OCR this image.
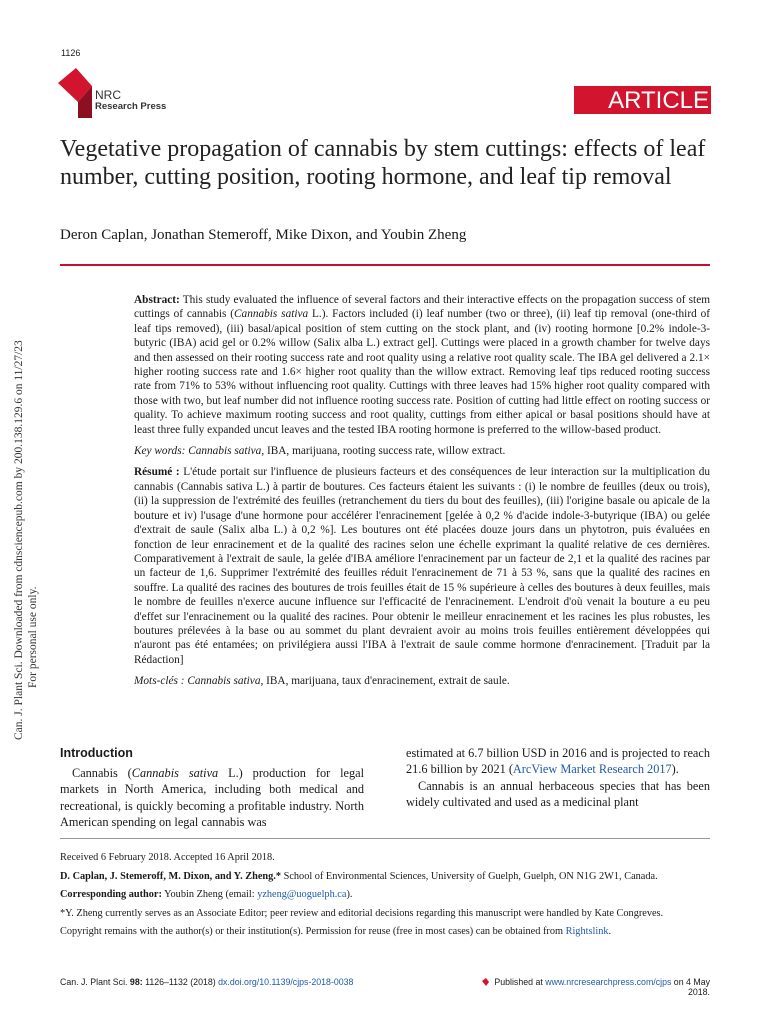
1126
NRC
Research Press	ARTICLE
Vegetative propagation of cannabis by stem cuttings: effects of leaf number, cutting position, rooting hormone, and leaf tip removal
Deron Caplan, Jonathan Stemeroff, Mike Dixon, and Youbin Zheng
Can. J. Plant Sci. Downloaded from cdnsciencepub.com by 200.138.129.6 on 11/27/23 For personal use only.

Abstract: This study evaluated the influence of several factors and their interactive effects on the propagation success of stem cuttings of cannabis (Cannabis sativa L.). Factors included (i) leaf number (two or three), (ii) leaf tip removal (one-third of leaf tips removed), (iii) basal/apical position of stem cutting on the stock plant, and (iv) rooting hormone [0.2% indole-3-butyric (IBA) acid gel or 0.2% willow (Salix alba L.) extract gel]. Cuttings were placed in a growth chamber for twelve days and then assessed on their rooting success rate and root quality using a relative root quality scale. The IBA gel delivered a 2.1× higher rooting success rate and 1.6× higher root quality than the willow extract. Removing leaf tips reduced rooting success rate from 71% to 53% without influencing root quality. Cuttings with three leaves had 15% higher root quality compared with those with two, but leaf number did not influence rooting success rate. Position of cutting had little effect on rooting success or quality. To achieve maximum rooting success and root quality, cuttings from either apical or basal positions should have at least three fully expanded uncut leaves and the tested IBA rooting hormone is preferred to the willow-based product.

Key words: Cannabis sativa, IBA, marijuana, rooting success rate, willow extract.

Résumé : L'étude portait sur l'influence de plusieurs facteurs et des conséquences de leur interaction sur la multiplication du cannabis (Cannabis sativa L.) à partir de boutures. Ces facteurs étaient les suivants : (i) le nombre de feuilles (deux ou trois), (ii) la suppression de l'extrémité des feuilles (retranchement du tiers du bout des feuilles), (iii) l'origine basale ou apicale de la bouture et iv) l'usage d'une hormone pour accélérer l'enracinement [gelée à 0,2 % d'acide indole-3-butyrique (IBA) ou gelée d'extrait de saule (Salix alba L.) à 0,2 %]. Les boutures ont été placées douze jours dans un phytotron, puis évaluées en fonction de leur enracinement et de la qualité des racines selon une échelle exprimant la qualité relative de ces dernières. Comparativement à l'extrait de saule, la gelée d'IBA améliore l'enracinement par un facteur de 2,1 et la qualité des racines par un facteur de 1,6. Supprimer l'extrémité des feuilles réduit l'enracinement de 71 à 53 %, sans que la qualité des racines en souffre. La qualité des racines des boutures de trois feuilles était de 15 % supérieure à celles des boutures à deux feuilles, mais le nombre de feuilles n'exerce aucune influence sur l'efficacité de l'enracinement. L'endroit d'où venait la bouture a eu peu d'effet sur l'enracinement ou la qualité des racines. Pour obtenir le meilleur enracinement et les racines les plus robustes, les boutures prélevées à la base ou au sommet du plant devraient avoir au moins trois feuilles entièrement développées qui n'auront pas été entamées; on privilégiera aussi l'IBA à l'extrait de saule comme hormone d'enracinement. [Traduit par la Rédaction]

Mots-clés : Cannabis sativa, IBA, marijuana, taux d'enracinement, extrait de saule.

Introduction

Cannabis (Cannabis sativa L.) production for legal markets in North America, including both medical and recreational, is quickly becoming a profitable industry. North American spending on legal cannabis was

estimated at 6.7 billion USD in 2016 and is projected to reach 21.6 billion by 2021 (ArcView Market Research 2017).

Cannabis is an annual herbaceous species that has been widely cultivated and used as a medicinal plant

Received 6 February 2018. Accepted 16 April 2018.

D. Caplan, J. Stemeroff, M. Dixon, and Y. Zheng.* School of Environmental Sciences, University of Guelph, Guelph, ON N1G 2W1, Canada.

Corresponding author: Youbin Zheng (email: yzheng@uoguelph.ca).

*Y. Zheng currently serves as an Associate Editor; peer review and editorial decisions regarding this manuscript were handled by Kate Congreves.

Copyright remains with the author(s) or their institution(s). Permission for reuse (free in most cases) can be obtained from Rightslink.

Can. J. Plant Sci. 98: 1126–1132 (2018) dx.doi.org/10.1139/cjps-2018-0038	Published at www.nrcresearchpress.com/cjps on 4 May 2018.
